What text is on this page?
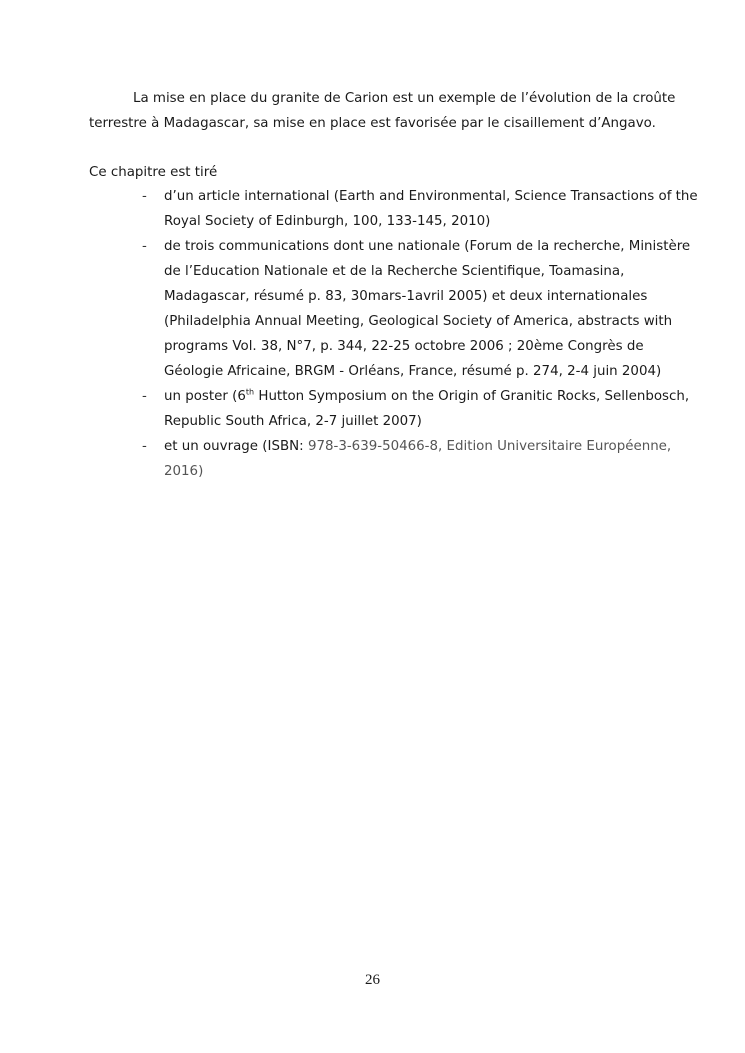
La mise en place du granite de Carion est un exemple de l’évolution de la croûte
terrestre à Madagascar, sa mise en place est favorisée par le cisaillement d’Angavo.
Ce chapitre est tiré
- d’un article international (Earth and Environmental, Science Transactions of the
Royal Society of Edinburgh, 100, 133-145, 2010)
- de trois communications dont une nationale (Forum de la recherche, Ministère
de l’Education Nationale et de la Recherche Scientifique, Toamasina,
Madagascar, résumé p. 83, 30mars-1avril 2005) et deux internationales
(Philadelphia Annual Meeting, Geological Society of America, abstracts with
programs Vol. 38, N°7, p. 344, 22-25 octobre 2006 ; 20ème Congrès de
Géologie Africaine, BRGM - Orléans, France, résumé p. 274, 2-4 juin 2004)
- un poster (6th Hutton Symposium on the Origin of Granitic Rocks, Sellenbosch,
Republic South Africa, 2-7 juillet 2007)
- et un ouvrage (ISBN: 978-3-639-50466-8, Edition Universitaire Européenne,
2016)
26
